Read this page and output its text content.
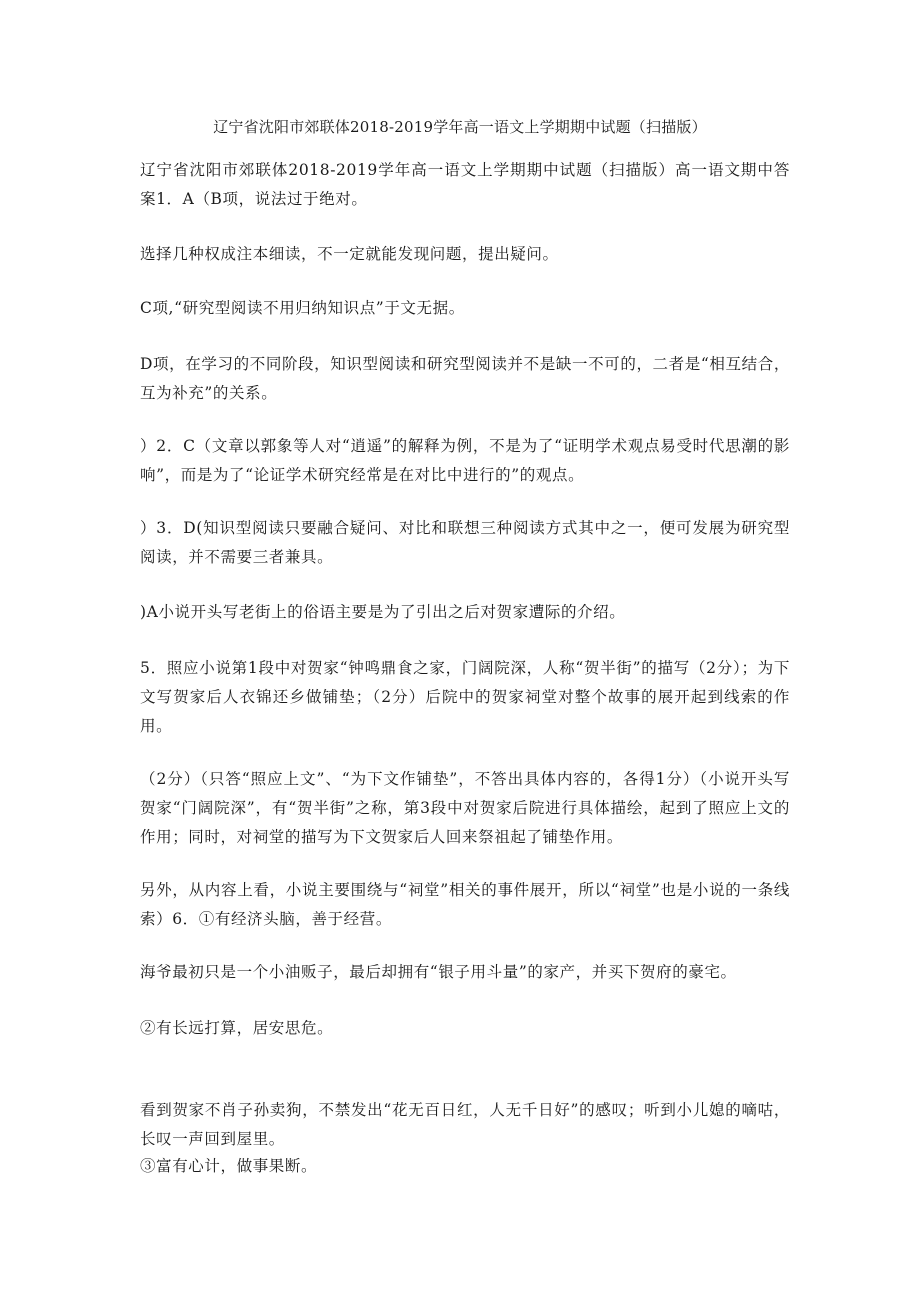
辽宁省沈阳市郊联体2018-2019学年高一语文上学期期中试题（扫描版）
辽宁省沈阳市郊联体2018-2019学年高一语文上学期期中试题（扫描版）高一语文期中答案1．A（B项，说法过于绝对。
选择几种权成注本细读，不一定就能发现问题，提出疑问。
C项,“研究型阅读不用归纳知识点”于文无据。
D项，在学习的不同阶段，知识型阅读和研究型阅读并不是缺一不可的，二者是“相互结合，互为补充”的关系。
）2．C（文章以郭象等人对“逍遥”的解释为例，不是为了“证明学术观点易受时代思潮的影响”，而是为了“论证学术研究经常是在对比中进行的”的观点。
）3．D(知识型阅读只要融合疑问、对比和联想三种阅读方式其中之一，便可发展为研究型阅读，并不需要三者兼具。
)A小说开头写老街上的俗语主要是为了引出之后对贺家遭际的介绍。
5．照应小说第1段中对贺家“钟鸣鼎食之家，门阔院深，人称“贺半街”的描写（2分）；为下文写贺家后人衣锦还乡做铺垫；（2分）后院中的贺家祠堂对整个故事的展开起到线索的作用。
（2分）（只答“照应上文”、“为下文作铺垫”，不答出具体内容的，各得1分）（小说开头写贺家“门阔院深”，有“贺半街”之称，第3段中对贺家后院进行具体描绘，起到了照应上文的作用；同时，对祠堂的描写为下文贺家后人回来祭祖起了铺垫作用。
另外，从内容上看，小说主要围绕与“祠堂”相关的事件展开，所以“祠堂”也是小说的一条线索）6．①有经济头脑，善于经营。
海爷最初只是一个小油贩子，最后却拥有“银子用斗量”的家产，并买下贺府的豪宅。
②有长远打算，居安思危。
看到贺家不肖子孙卖狗，不禁发出“花无百日红，人无千日好”的感叹；听到小儿媳的嘀咕，长叹一声回到屋里。
③富有心计，做事果断。
